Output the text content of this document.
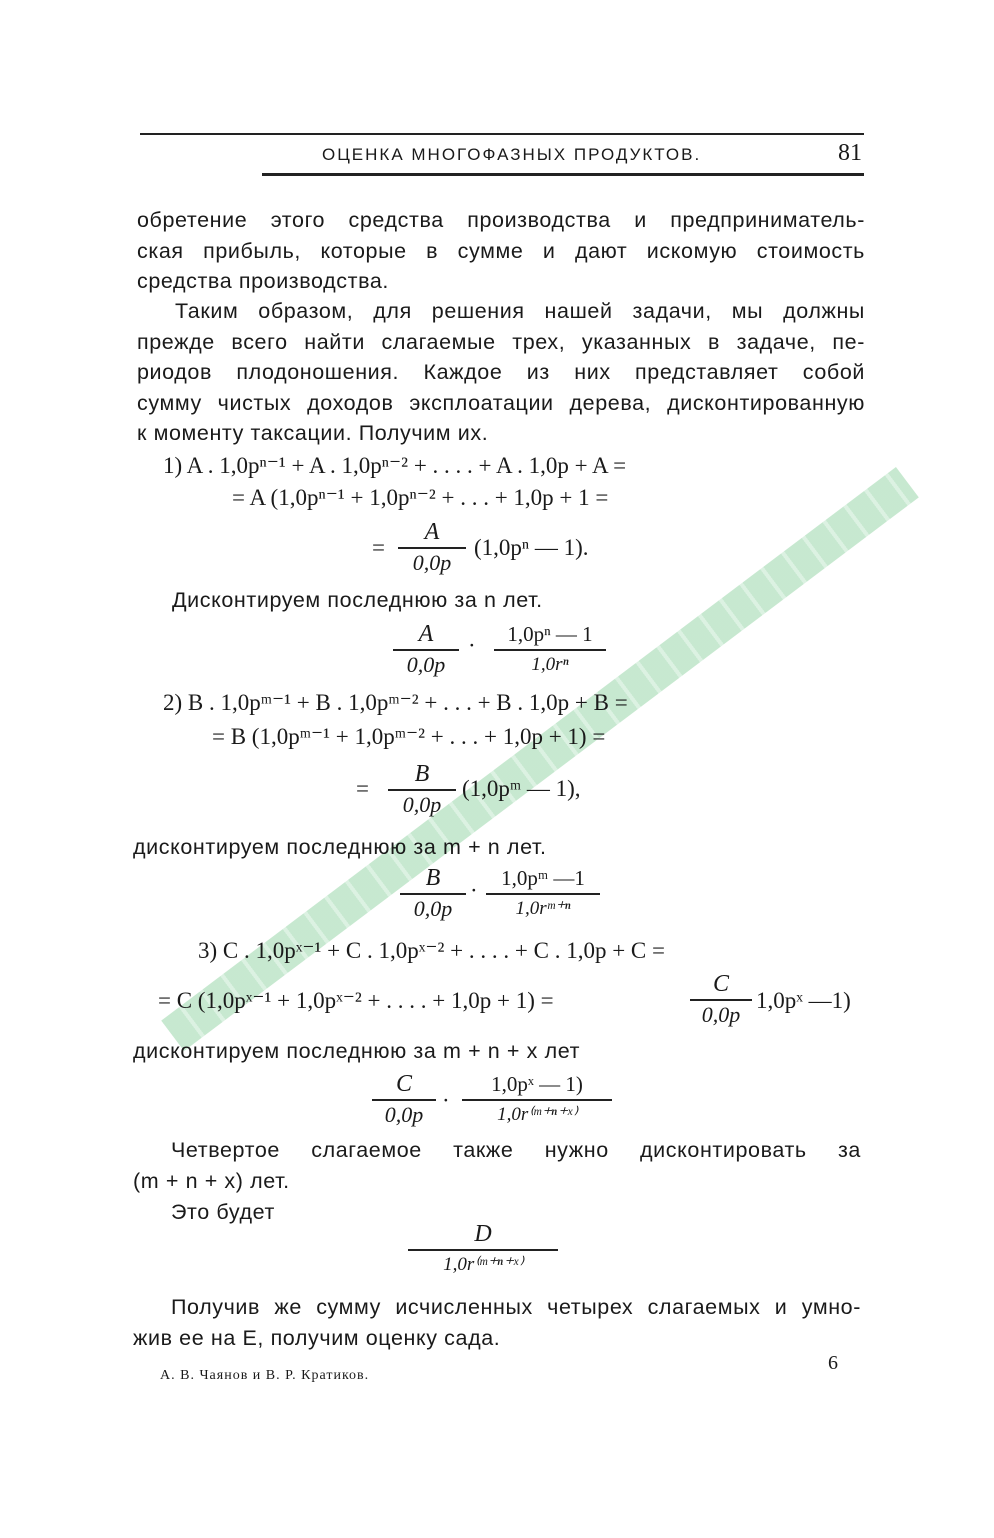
ОЦЕНКА МНОГОФАЗНЫХ ПРОДУКТОВ.	81
обретение этого средства производства и предприниматель-
ская прибыль, которые в сумме и дают искомую стоимость
средства производства.
Таким образом, для решения нашей задачи, мы должны
прежде всего найти слагаемые трех, указанных в задаче, пе-
риодов плодоношения. Каждое из них представляет собой
сумму чистых доходов эксплоатации дерева, дисконтированную
к моменту таксации. Получим их.
1) A . 1,0pⁿ⁻¹ + A . 1,0pⁿ⁻² + . . . . + A . 1,0p + A =
= A (1,0pⁿ⁻¹ + 1,0pⁿ⁻² + . . . + 1,0p + 1 =
=
A
0,0p
(1,0pⁿ — 1).
Дисконтируем последнюю за n лет.
A
0,0p
·	1,0pⁿ — 1
1,0rⁿ
2) B . 1,0pᵐ⁻¹ + B . 1,0pᵐ⁻² + . . . + B . 1,0p + B =
= B (1,0pᵐ⁻¹ + 1,0pᵐ⁻² + . . . + 1,0p + 1) =
=
B
0,0p
(1,0pᵐ — 1),
дисконтируем последнюю за m + n лет.
B
0,0p
·	1,0pᵐ —1
1,0rᵐ⁺ⁿ
3) C . 1,0pˣ⁻¹ + C . 1,0pˣ⁻² + . . . . + C . 1,0p + C =
= C (1,0pˣ⁻¹ + 1,0pˣ⁻² + . . . . + 1,0p + 1) =
C
0,0p
1,0pˣ —1)
дисконтируем последнюю за m + n + x лет
C
0,0p
·
1,0pˣ — 1)
1,0r⁽ᵐ⁺ⁿ⁺ˣ⁾
Четвертое слагаемое также нужно дисконтировать за
(m + n + x) лет.
Это будет
D
1,0r⁽ᵐ⁺ⁿ⁺ˣ⁾
Получив же сумму исчисленных четырех слагаемых и умно-
жив ее на E, получим оценку сада.
А. В. Чаянов и В. Р. Кратиков.
6
